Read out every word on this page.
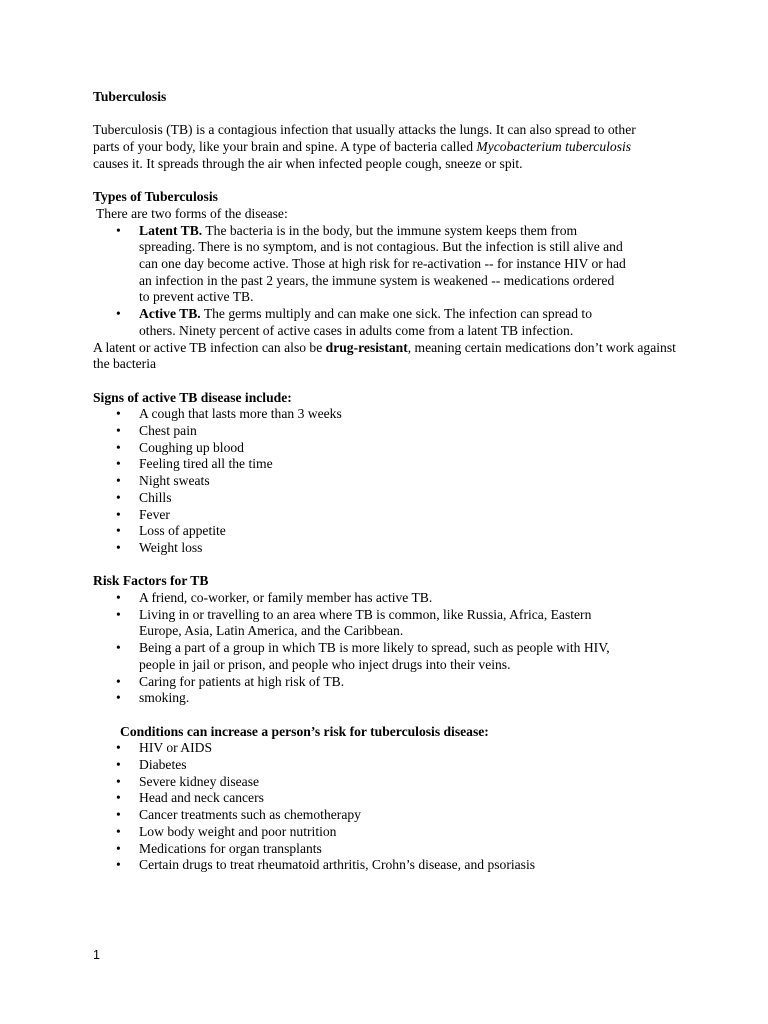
Tuberculosis

Tuberculosis (TB) is a contagious infection that usually attacks the lungs. It can also spread to other parts of your body, like your brain and spine. A type of bacteria called Mycobacterium tuberculosis causes it. It spreads through the air when infected people cough, sneeze or spit.

Types of Tuberculosis

There are two forms of the disease:

• Latent TB. The bacteria is in the body, but the immune system keeps them from spreading. There is no symptom, and is not contagious. But the infection is still alive and can one day become active. Those at high risk for re-activation -- for instance HIV or had an infection in the past 2 years, the immune system is weakened -- medications ordered to prevent active TB.
• Active TB. The germs multiply and can make one sick. The infection can spread to others. Ninety percent of active cases in adults come from a latent TB infection.

A latent or active TB infection can also be drug-resistant, meaning certain medications don’t work against the bacteria

Signs of active TB disease include:

• A cough that lasts more than 3 weeks
• Chest pain
• Coughing up blood
• Feeling tired all the time
• Night sweats
• Chills
• Fever
• Loss of appetite
• Weight loss

Risk Factors for TB

• A friend, co-worker, or family member has active TB.
• Living in or travelling to an area where TB is common, like Russia, Africa, Eastern Europe, Asia, Latin America, and the Caribbean.
• Being a part of a group in which TB is more likely to spread, such as people with HIV, people in jail or prison, and people who inject drugs into their veins.
• Caring for patients at high risk of TB.
• smoking.

Conditions can increase a person’s risk for tuberculosis disease:

• HIV or AIDS
• Diabetes
• Severe kidney disease
• Head and neck cancers
• Cancer treatments such as chemotherapy
• Low body weight and poor nutrition
• Medications for organ transplants
• Certain drugs to treat rheumatoid arthritis, Crohn’s disease, and psoriasis
1
